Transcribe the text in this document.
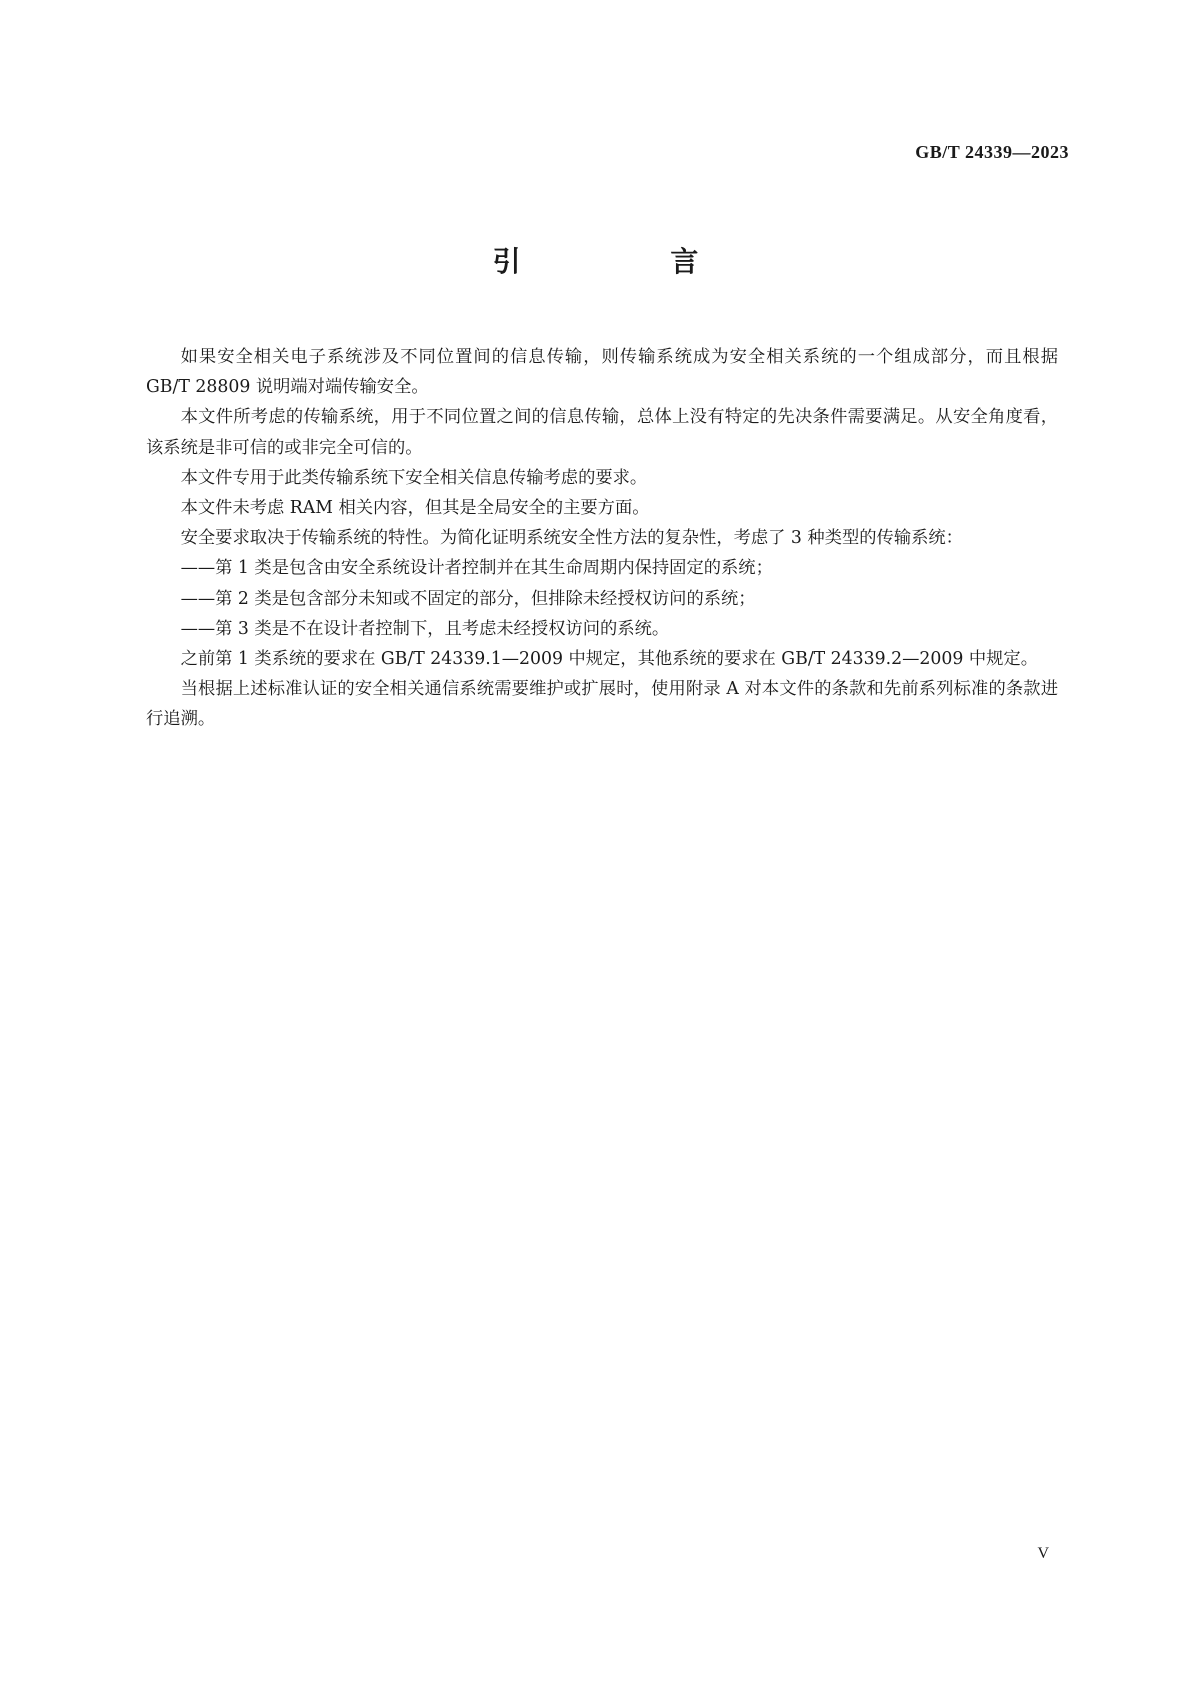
GB/T 24339—2023
引 言

如果安全相关电子系统涉及不同位置间的信息传输，则传输系统成为安全相关系统的一个组成部分，而且根据 GB/T 28809 说明端对端传输安全。

本文件所考虑的传输系统，用于不同位置之间的信息传输，总体上没有特定的先决条件需要满足。从安全角度看，该系统是非可信的或非完全可信的。

本文件专用于此类传输系统下安全相关信息传输考虑的要求。

本文件未考虑 RAM 相关内容，但其是全局安全的主要方面。

安全要求取决于传输系统的特性。为简化证明系统安全性方法的复杂性，考虑了 3 种类型的传输系统：

——第 1 类是包含由安全系统设计者控制并在其生命周期内保持固定的系统；

——第 2 类是包含部分未知或不固定的部分，但排除未经授权访问的系统；

——第 3 类是不在设计者控制下，且考虑未经授权访问的系统。

之前第 1 类系统的要求在 GB/T 24339.1—2009 中规定，其他系统的要求在 GB/T 24339.2—2009 中规定。

当根据上述标准认证的安全相关通信系统需要维护或扩展时，使用附录 A 对本文件的条款和先前系列标准的条款进行追溯。

V
